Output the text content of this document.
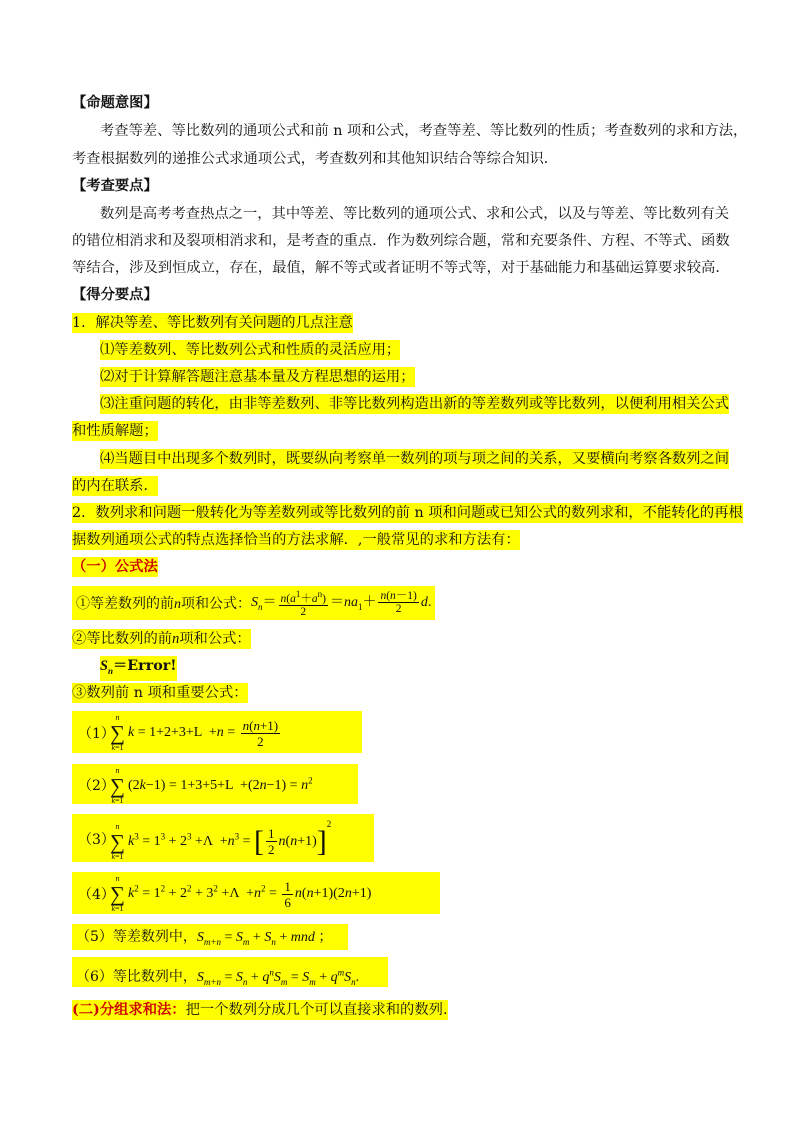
【命题意图】
考查等差、等比数列的通项公式和前 n 项和公式，考查等差、等比数列的性质；考查数列的求和方法，
考查根据数列的递推公式求通项公式，考查数列和其他知识结合等综合知识．
【考查要点】
数列是高考考查热点之一，其中等差、等比数列的通项公式、求和公式，以及与等差、等比数列有关
的错位相消求和及裂项相消求和，是考查的重点．作为数列综合题，常和充要条件、方程、不等式、函数
等结合，涉及到恒成立，存在，最值，解不等式或者证明不等式等，对于基础能力和基础运算要求较高．
【得分要点】
1．解决等差、等比数列有关问题的几点注意
⑴等差数列、等比数列公式和性质的灵活应用；
⑵对于计算解答题注意基本量及方程思想的运用；
⑶注重问题的转化，由非等差数列、非等比数列构造出新的等差数列或等比数列，以便利用相关公式
和性质解题；
⑷当题目中出现多个数列时，既要纵向考察单一数列的项与项之间的关系，又要横向考察各数列之间
的内在联系．
2．数列求和问题一般转化为等差数列或等比数列的前 n 项和问题或已知公式的数列求和，不能转化的再根
据数列通项公式的特点选择恰当的方法求解．,一般常见的求和方法有：
（一）公式法
①等差数列的前n项和公式：$S_n= \frac{n(a^1+a^n)}{2} =na_1+ \frac{n(n-1)}{2} d$.
②等比数列的前n项和公式：
$S_n=Error$!
③数列前 n 项和重要公式：
（1）
n
∑
k=1
$k = 1+2+3+L +n = \frac{n(n+1)}{2}$
（2）
n
∑
k=1
$(2k-1) = 1+3+5+L +(2n-1) = n^2$
（3）
n
∑
k=1
$k^3 = 1^3 + 2^3 +\Lambda +n^3$ = [ $\frac{1}{2} n(n+1)]^2$
（4）
n
∑
k=1
$k^2 = 1^2 + 2^2 + 3^2 +\Lambda +n^2 = \frac{1}{6} n(n+1)(2n+1)$
（5）等差数列中，$S_{m+n} = S_m + S_n$ + mnd ；
（6）等比数列中，$S_{m+n} = S_n + q^nS_m = S_m + q^mS_n$.
(二)分组求和法：把一个数列分成几个可以直接求和的数列.
